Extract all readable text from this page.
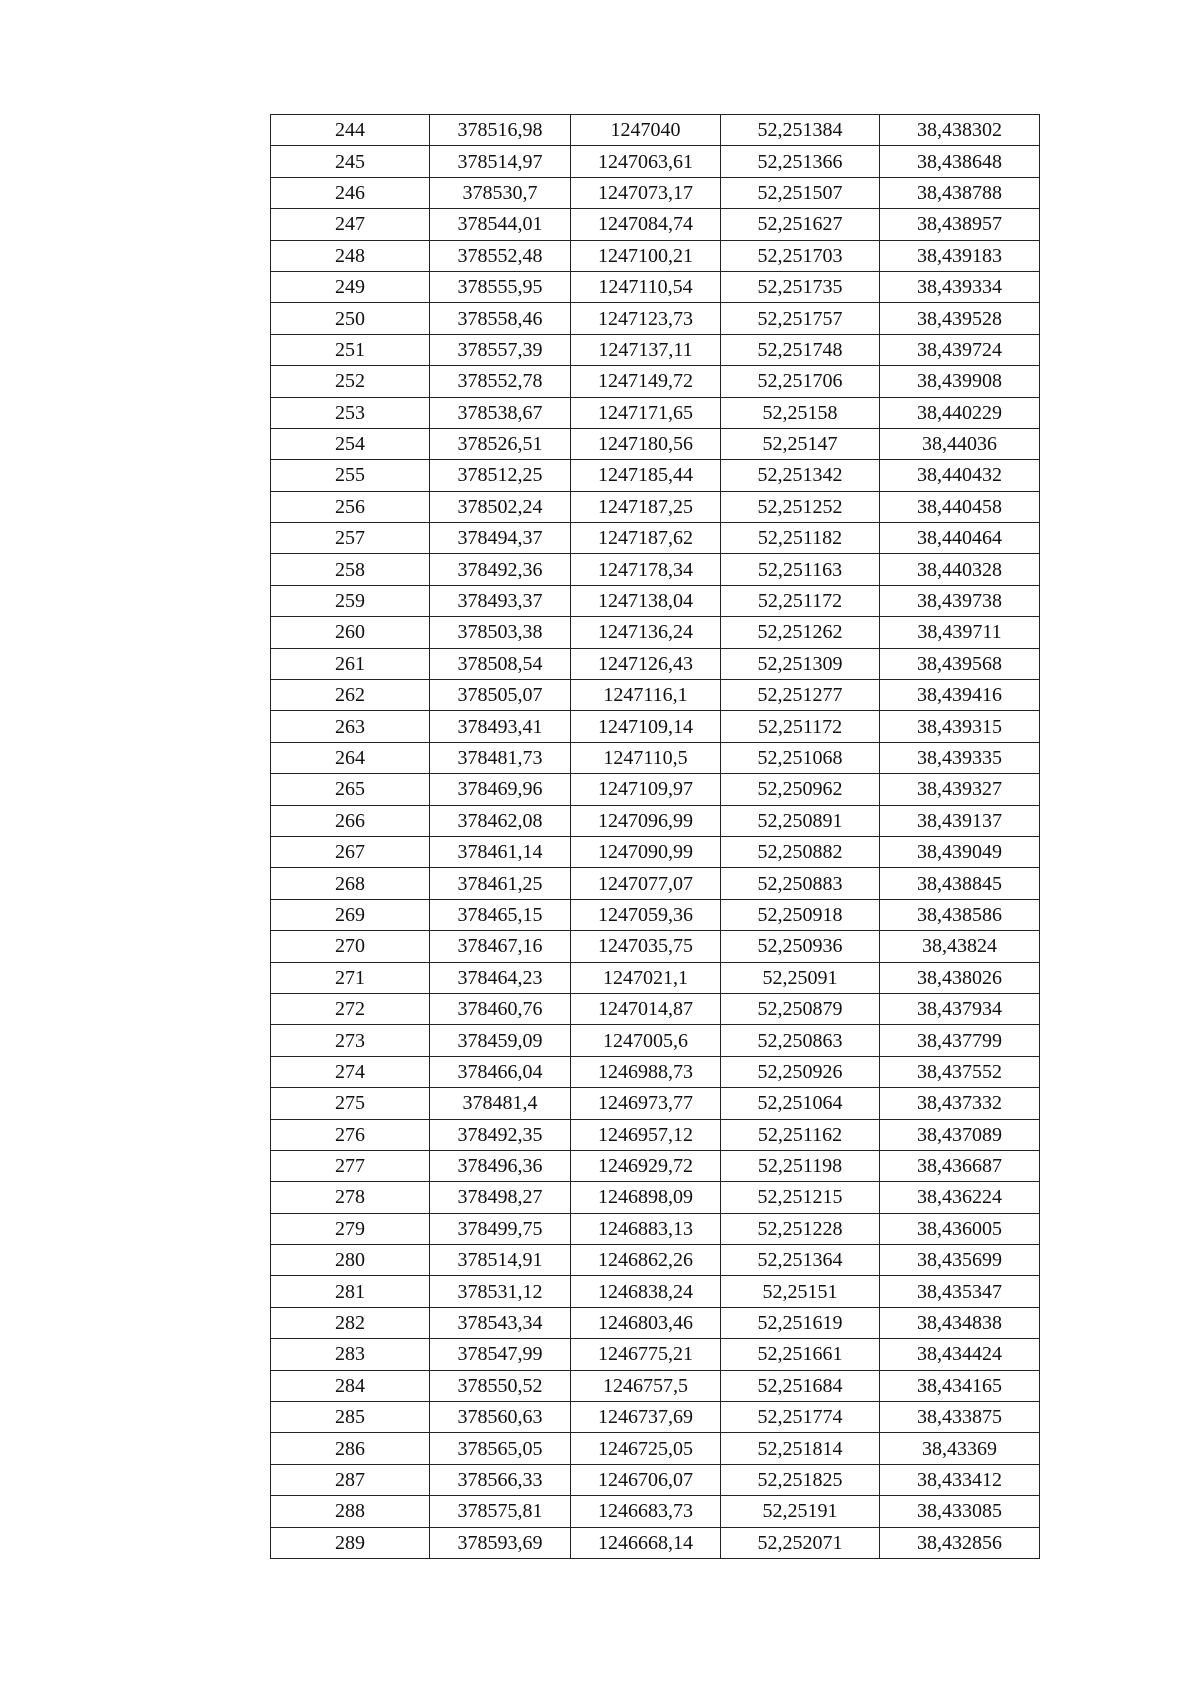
244	378516,98	1247040	52,251384	38,438302
245	378514,97	1247063,61	52,251366	38,438648
246	378530,7	1247073,17	52,251507	38,438788
247	378544,01	1247084,74	52,251627	38,438957
248	378552,48	1247100,21	52,251703	38,439183
249	378555,95	1247110,54	52,251735	38,439334
250	378558,46	1247123,73	52,251757	38,439528
251	378557,39	1247137,11	52,251748	38,439724
252	378552,78	1247149,72	52,251706	38,439908
253	378538,67	1247171,65	52,25158	38,440229
254	378526,51	1247180,56	52,25147	38,44036
255	378512,25	1247185,44	52,251342	38,440432
256	378502,24	1247187,25	52,251252	38,440458
257	378494,37	1247187,62	52,251182	38,440464
258	378492,36	1247178,34	52,251163	38,440328
259	378493,37	1247138,04	52,251172	38,439738
260	378503,38	1247136,24	52,251262	38,439711
261	378508,54	1247126,43	52,251309	38,439568
262	378505,07	1247116,1	52,251277	38,439416
263	378493,41	1247109,14	52,251172	38,439315
264	378481,73	1247110,5	52,251068	38,439335
265	378469,96	1247109,97	52,250962	38,439327
266	378462,08	1247096,99	52,250891	38,439137
267	378461,14	1247090,99	52,250882	38,439049
268	378461,25	1247077,07	52,250883	38,438845
269	378465,15	1247059,36	52,250918	38,438586
270	378467,16	1247035,75	52,250936	38,43824
271	378464,23	1247021,1	52,25091	38,438026
272	378460,76	1247014,87	52,250879	38,437934
273	378459,09	1247005,6	52,250863	38,437799
274	378466,04	1246988,73	52,250926	38,437552
275	378481,4	1246973,77	52,251064	38,437332
276	378492,35	1246957,12	52,251162	38,437089
277	378496,36	1246929,72	52,251198	38,436687
278	378498,27	1246898,09	52,251215	38,436224
279	378499,75	1246883,13	52,251228	38,436005
280	378514,91	1246862,26	52,251364	38,435699
281	378531,12	1246838,24	52,25151	38,435347
282	378543,34	1246803,46	52,251619	38,434838
283	378547,99	1246775,21	52,251661	38,434424
284	378550,52	1246757,5	52,251684	38,434165
285	378560,63	1246737,69	52,251774	38,433875
286	378565,05	1246725,05	52,251814	38,43369
287	378566,33	1246706,07	52,251825	38,433412
288	378575,81	1246683,73	52,25191	38,433085
289	378593,69	1246668,14	52,252071	38,432856
